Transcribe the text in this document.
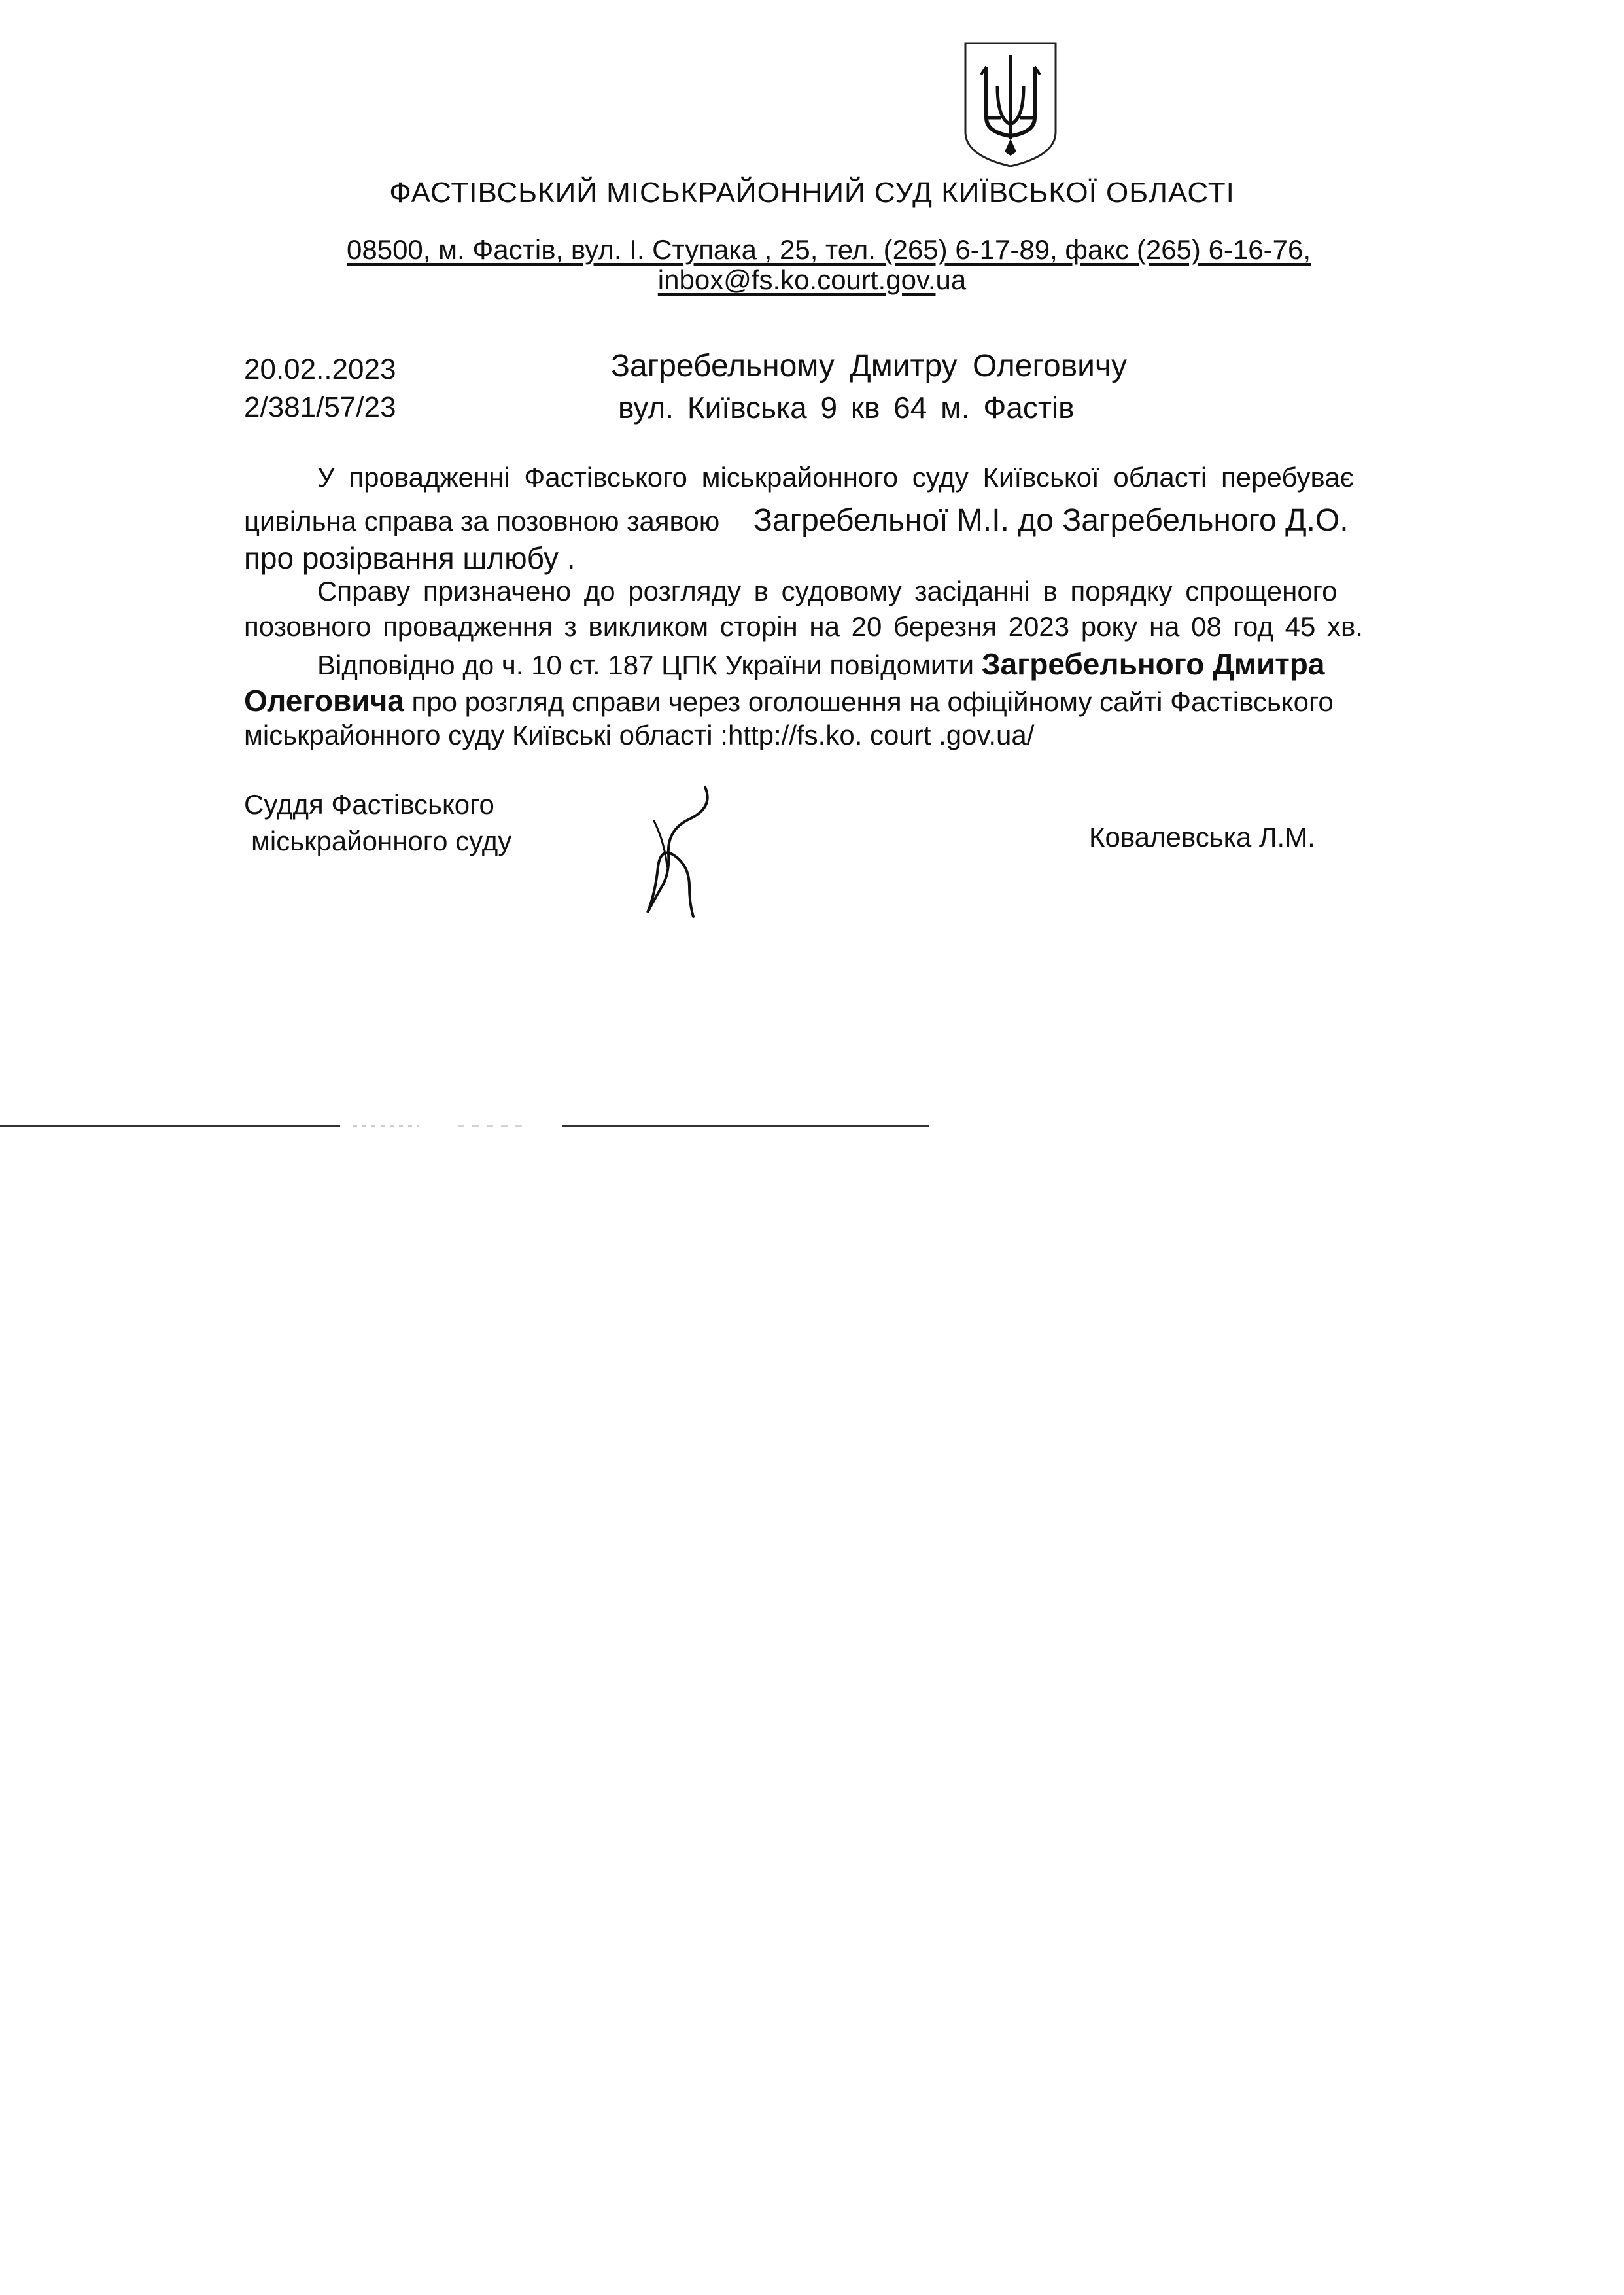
ФАСТІВСЬКИЙ МІСЬКРАЙОННИЙ СУД КИЇВСЬКОЇ ОБЛАСТІ
08500, м. Фастів, вул. І. Ступака , 25, тел. (265) 6-17-89, факс (265) 6-16-76,
inbox@fs.ko.court.gov.ua
20.02..2023
2/381/57/23
Загребельному Дмитру Олеговичу
вул. Київська 9 кв 64 м. Фастів
У провадженні Фастівського міськрайонного суду Київської області перебуває
цивільна справа за позовною заявою Загребельної М.І. до Загребельного Д.О.
про розірвання шлюбу .
Справу призначено до розгляду в судовому засіданні в порядку спрощеного
позовного провадження з викликом сторін на 20 березня 2023 року на 08 год 45 хв.
Відповідно до ч. 10 ст. 187 ЦПК України повідомити Загребельного Дмитра
Олеговича про розгляд справи через оголошення на офіційному сайті Фастівського
міськрайонного суду Київські області :http://fs.ko. court .gov.ua/
Суддя Фастівського
міськрайонного суду	Ковалевська Л.М.
